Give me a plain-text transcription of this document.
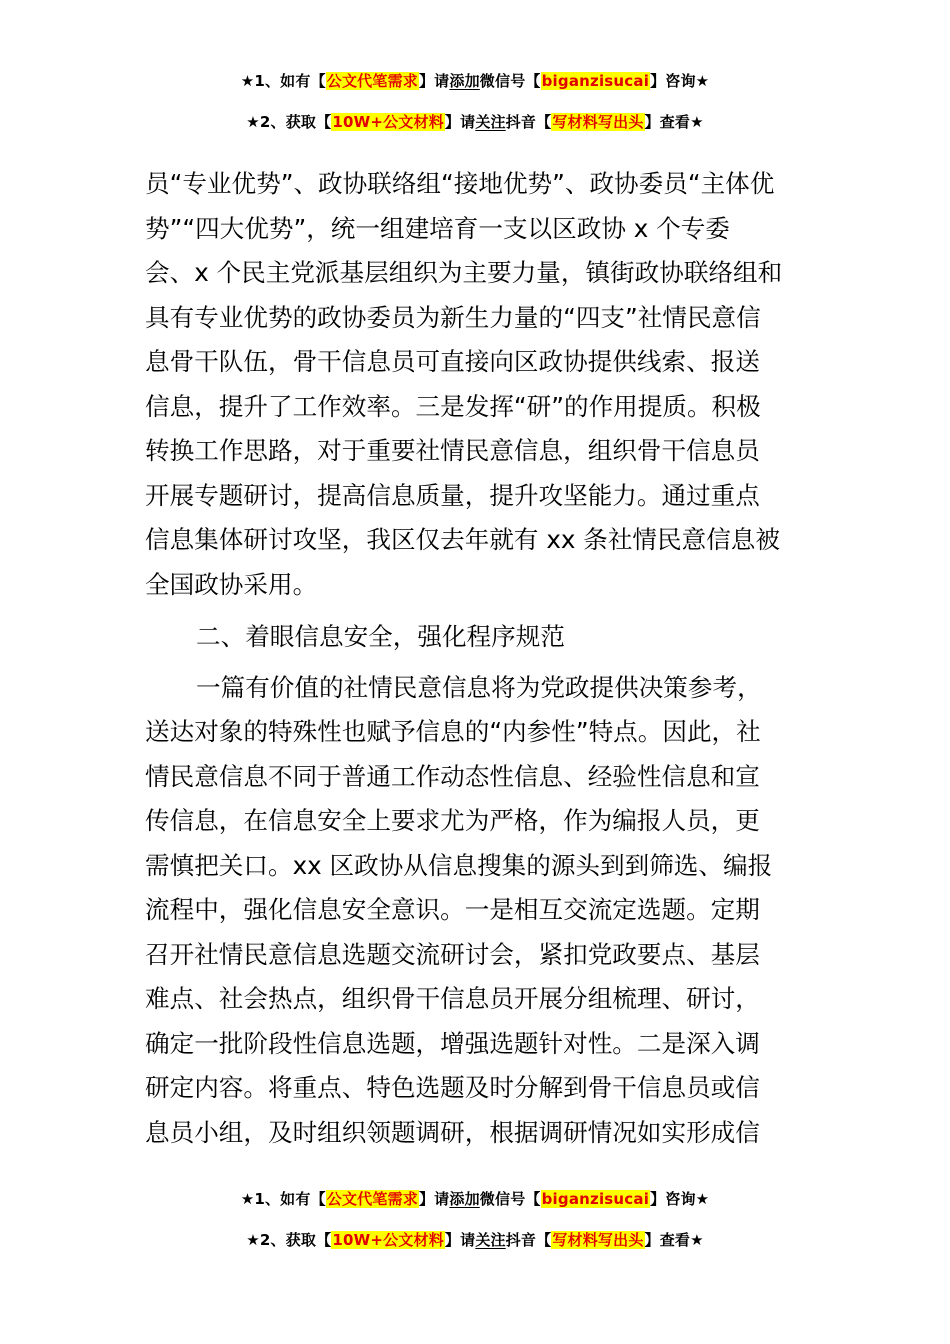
★1、如有【公文代笔需求】请添加微信号【biganzisucai】咨询★
★2、获取【10W+公文材料】请关注抖音【写材料写出头】查看★
员“专业优势”、政协联络组“接地优势”、政协委员“主体优
势”“四大优势”，统一组建培育一支以区政协 x 个专委
会、x 个民主党派基层组织为主要力量，镇街政协联络组和
具有专业优势的政协委员为新生力量的“四支”社情民意信
息骨干队伍，骨干信息员可直接向区政协提供线索、报送
信息，提升了工作效率。三是发挥“研”的作用提质。积极
转换工作思路，对于重要社情民意信息，组织骨干信息员
开展专题研讨，提高信息质量，提升攻坚能力。通过重点
信息集体研讨攻坚，我区仅去年就有 xx 条社情民意信息被
全国政协采用。
二、着眼信息安全，强化程序规范
一篇有价值的社情民意信息将为党政提供决策参考，
送达对象的特殊性也赋予信息的“内参性”特点。因此，社
情民意信息不同于普通工作动态性信息、经验性信息和宣
传信息，在信息安全上要求尤为严格，作为编报人员，更
需慎把关口。xx 区政协从信息搜集的源头到到筛选、编报
流程中，强化信息安全意识。一是相互交流定选题。定期
召开社情民意信息选题交流研讨会，紧扣党政要点、基层
难点、社会热点，组织骨干信息员开展分组梳理、研讨，
确定一批阶段性信息选题，增强选题针对性。二是深入调
研定内容。将重点、特色选题及时分解到骨干信息员或信
息员小组，及时组织领题调研，根据调研情况如实形成信
★1、如有【公文代笔需求】请添加微信号【biganzisucai】咨询★
★2、获取【10W+公文材料】请关注抖音【写材料写出头】查看★
